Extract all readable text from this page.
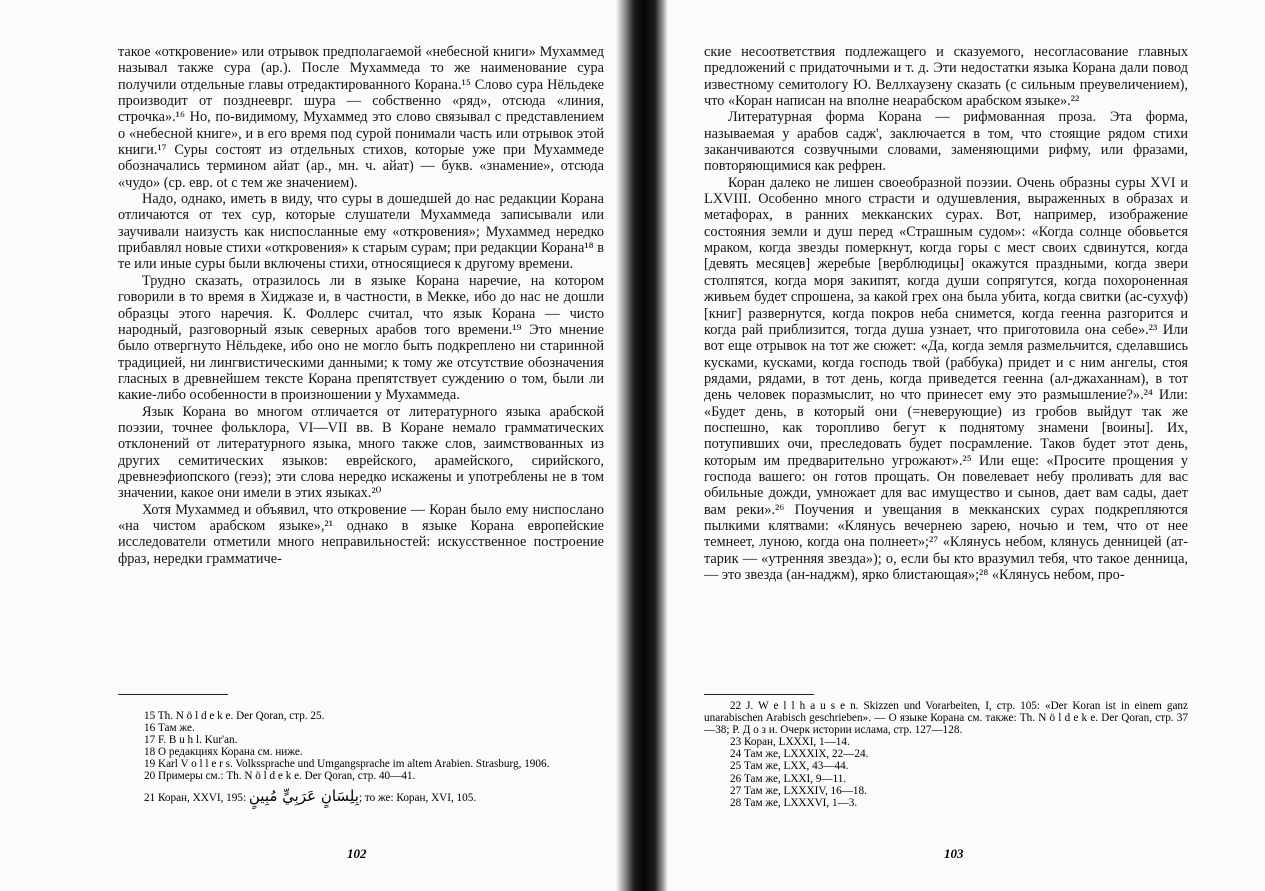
такое «откровение» или отрывок предполагаемой «небесной книги» Мухаммед называл также сура (ар.). После Мухаммеда то же наименование сура получили отдельные главы отредактированного Корана.¹⁵ Слово сура Нёльдеке производит от позднееврг. шура — собственно «ряд», отсюда «линия, строчка».¹⁶ Но, по-видимому, Мухаммед это слово связывал с представлением о «небесной книге», и в его время под сурой понимали часть или отрывок этой книги.¹⁷ Суры состоят из отдельных стихов, которые уже при Мухаммеде обозначались термином айат (ар., мн. ч. айат) — букв. «знамение», отсюда «чудо» (ср. евр. ot с тем же значением).

Надо, однако, иметь в виду, что суры в дошедшей до нас редакции Корана отличаются от тех сур, которые слушатели Мухаммеда записывали или заучивали наизусть как ниспосланные ему «откровения»; Мухаммед нередко прибавлял новые стихи «откровения» к старым сурам; при редакции Корана¹⁸ в те или иные суры были включены стихи, относящиеся к другому времени.

Трудно сказать, отразилось ли в языке Корана наречие, на котором говорили в то время в Хиджазе и, в частности, в Мекке, ибо до нас не дошли образцы этого наречия. К. Фоллерс считал, что язык Корана — чисто народный, разговорный язык северных арабов того времени.¹⁹ Это мнение было отвергнуто Нёльдеке, ибо оно не могло быть подкреплено ни старинной традицией, ни лингвистическими данными; к тому же отсутствие обозначения гласных в древнейшем тексте Корана препятствует суждению о том, были ли какие-либо особенности в произношении у Мухаммеда.

Язык Корана во многом отличается от литературного языка арабской поэзии, точнее фольклора, VI—VII вв. В Коране немало грамматических отклонений от литературного языка, много также слов, заимствованных из других семитических языков: еврейского, арамейского, сирийского, древнеэфиопского (геэз); эти слова нередко искажены и употреблены не в том значении, какое они имели в этих языках.²⁰

Хотя Мухаммед и объявил, что откровение — Коран было ему ниспослано «на чистом арабском языке»,²¹ однако в языке Корана европейские исследователи отметили много неправильностей: искусственное построение фраз, нередки грамматиче-

15 Th. N ö l d e k e. Der Qoran, стр. 25.

16 Там же.

17 F. B u h l. Kur'an.

18 О редакциях Корана см. ниже.

19 Karl V o l l e r s. Volkssprache und Umgangsprache im altem Arabien. Strasburg, 1906.

20 Примеры см.: Th. N ö l d e k e. Der Qoran, стр. 40—41.

21 Коран, XXVI, 195: بِلِسَانٍ عَرَبِيٍّ مُبِينٍ; то же: Коран, XVI, 105.

102

ские несоответствия подлежащего и сказуемого, несогласование главных предложений с придаточными и т. д. Эти недостатки языка Корана дали повод известному семитологу Ю. Веллхаузену сказать (с сильным преувеличением), что «Коран написан на вполне неарабском арабском языке».²²

Литературная форма Корана — рифмованная проза. Эта форма, называемая у арабов садж', заключается в том, что стоящие рядом стихи заканчиваются созвучными словами, заменяющими рифму, или фразами, повторяющимися как рефрен.

Коран далеко не лишен своеобразной поэзии. Очень образны суры XVI и LXVIII. Особенно много страсти и одушевления, выраженных в образах и метафорах, в ранних мекканских сурах. Вот, например, изображение состояния земли и душ перед «Страшным судом»: «Когда солнце обовьется мраком, когда звезды померкнут, когда горы с мест своих сдвинутся, когда [девять месяцев] жеребые [верблюдицы] окажутся праздными, когда звери столпятся, когда моря закипят, когда души сопрягутся, когда похороненная живьем будет спрошена, за какой грех она была убита, когда свитки (ас-сухуф) [книг] развернутся, когда покров неба снимется, когда геенна разгорится и когда рай приблизится, тогда душа узнает, что приготовила она себе».²³ Или вот еще отрывок на тот же сюжет: «Да, когда земля размельчится, сделавшись кусками, кусками, когда господь твой (раббука) придет и с ним ангелы, стоя рядами, рядами, в тот день, когда приведется геенна (ал-джаханнам), в тот день человек поразмыслит, но что принесет ему это размышление?».²⁴ Или: «Будет день, в который они (=неверующие) из гробов выйдут так же поспешно, как торопливо бегут к поднятому знамени [воины]. Их, потупивших очи, преследовать будет посрамление. Таков будет этот день, которым им предварительно угрожают».²⁵ Или еще: «Просите прощения у господа вашего: он готов прощать. Он повелевает небу проливать для вас обильные дожди, умножает для вас имущество и сынов, дает вам сады, дает вам реки».²⁶ Поучения и увещания в мекканских сурах подкрепляются пылкими клятвами: «Клянусь вечернею зарею, ночью и тем, что от нее темнеет, луною, когда она полнеет»;²⁷ «Клянусь небом, клянусь денницей (ат-тарик — «утренняя звезда»); о, если бы кто вразумил тебя, что такое денница, — это звезда (ан-наджм), ярко блистающая»;²⁸ «Клянусь небом, про-

22 J. W e l l h a u s e n. Skizzen und Vorarbeiten, I, стр. 105: «Der Koran ist in einem ganz unarabischen Arabisch geschrieben». — О языке Корана см. также: Th. N ö l d e k e. Der Qoran, стр. 37—38; Р. Д о з и. Очерк истории ислама, стр. 127—128.

23 Коран, LXXXI, 1—14.

24 Там же, LXXXIX, 22—24.

25 Там же, LXX, 43—44.

26 Там же, LXXI, 9—11.

27 Там же, LXXXIV, 16—18.

28 Там же, LXXXVI, 1—3.

103
